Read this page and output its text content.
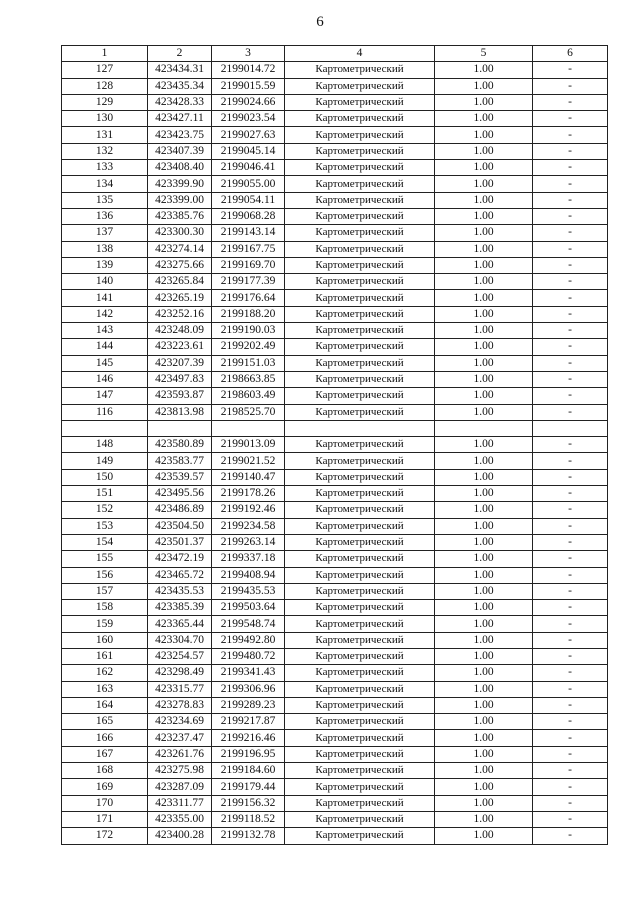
6
1	2	3	4	5	6
127	423434.31	2199014.72	Картометрический	1.00	-
128	423435.34	2199015.59	Картометрический	1.00	-
129	423428.33	2199024.66	Картометрический	1.00	-
130	423427.11	2199023.54	Картометрический	1.00	-
131	423423.75	2199027.63	Картометрический	1.00	-
132	423407.39	2199045.14	Картометрический	1.00	-
133	423408.40	2199046.41	Картометрический	1.00	-
134	423399.90	2199055.00	Картометрический	1.00	-
135	423399.00	2199054.11	Картометрический	1.00	-
136	423385.76	2199068.28	Картометрический	1.00	-
137	423300.30	2199143.14	Картометрический	1.00	-
138	423274.14	2199167.75	Картометрический	1.00	-
139	423275.66	2199169.70	Картометрический	1.00	-
140	423265.84	2199177.39	Картометрический	1.00	-
141	423265.19	2199176.64	Картометрический	1.00	-
142	423252.16	2199188.20	Картометрический	1.00	-
143	423248.09	2199190.03	Картометрический	1.00	-
144	423223.61	2199202.49	Картометрический	1.00	-
145	423207.39	2199151.03	Картометрический	1.00	-
146	423497.83	2198663.85	Картометрический	1.00	-
147	423593.87	2198603.49	Картометрический	1.00	-
116	423813.98	2198525.70	Картометрический	1.00	-

148	423580.89	2199013.09	Картометрический	1.00	-
149	423583.77	2199021.52	Картометрический	1.00	-
150	423539.57	2199140.47	Картометрический	1.00	-
151	423495.56	2199178.26	Картометрический	1.00	-
152	423486.89	2199192.46	Картометрический	1.00	-
153	423504.50	2199234.58	Картометрический	1.00	-
154	423501.37	2199263.14	Картометрический	1.00	-
155	423472.19	2199337.18	Картометрический	1.00	-
156	423465.72	2199408.94	Картометрический	1.00	-
157	423435.53	2199435.53	Картометрический	1.00	-
158	423385.39	2199503.64	Картометрический	1.00	-
159	423365.44	2199548.74	Картометрический	1.00	-
160	423304.70	2199492.80	Картометрический	1.00	-
161	423254.57	2199480.72	Картометрический	1.00	-
162	423298.49	2199341.43	Картометрический	1.00	-
163	423315.77	2199306.96	Картометрический	1.00	-
164	423278.83	2199289.23	Картометрический	1.00	-
165	423234.69	2199217.87	Картометрический	1.00	-
166	423237.47	2199216.46	Картометрический	1.00	-
167	423261.76	2199196.95	Картометрический	1.00	-
168	423275.98	2199184.60	Картометрический	1.00	-
169	423287.09	2199179.44	Картометрический	1.00	-
170	423311.77	2199156.32	Картометрический	1.00	-
171	423355.00	2199118.52	Картометрический	1.00	-
172	423400.28	2199132.78	Картометрический	1.00	-
